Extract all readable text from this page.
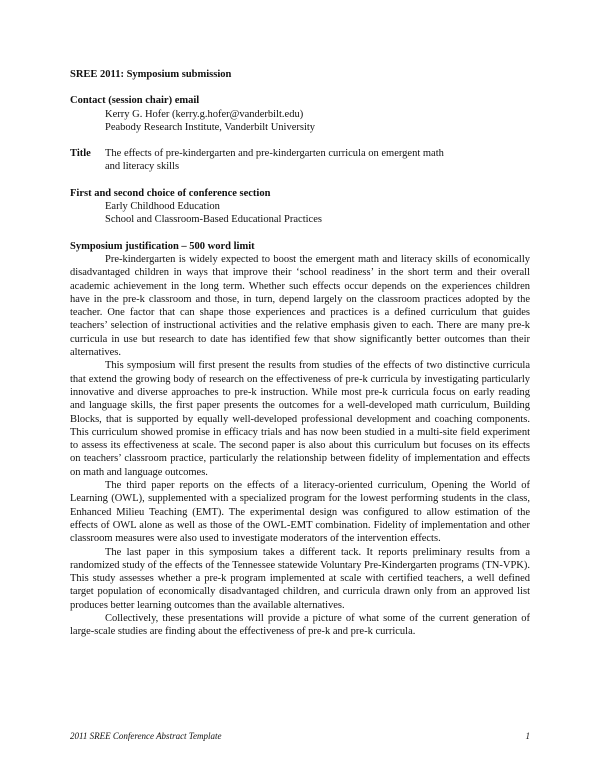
SREE 2011: Symposium submission
Contact (session chair) email
Kerry G. Hofer (kerry.g.hofer@vanderbilt.edu)
Peabody Research Institute, Vanderbilt University
Title	The effects of pre-kindergarten and pre-kindergarten curricula on emergent math
and literacy skills
First and second choice of conference section
Early Childhood Education
School and Classroom-Based Educational Practices
Symposium justification – 500 word limit

Pre-kindergarten is widely expected to boost the emergent math and literacy skills of economically disadvantaged children in ways that improve their ‘school readiness’ in the short term and their overall academic achievement in the long term. Whether such effects occur depends on the experiences children have in the pre-k classroom and those, in turn, depend largely on the classroom practices adopted by the teacher. One factor that can shape those experiences and practices is a defined curriculum that guides teachers’ selection of instructional activities and the relative emphasis given to each. There are many pre-k curricula in use but research to date has identified few that show significantly better outcomes than their alternatives.

This symposium will first present the results from studies of the effects of two distinctive curricula that extend the growing body of research on the effectiveness of pre-k curricula by investigating particularly innovative and diverse approaches to pre-k instruction. While most pre-k curricula focus on early reading and language skills, the first paper presents the outcomes for a well-developed math curriculum, Building Blocks, that is supported by equally well-developed professional development and coaching components. This curriculum showed promise in efficacy trials and has now been studied in a multi-site field experiment to assess its effectiveness at scale. The second paper is also about this curriculum but focuses on its effects on teachers’ classroom practice, particularly the relationship between fidelity of implementation and effects on math and language outcomes.

The third paper reports on the effects of a literacy-oriented curriculum, Opening the World of Learning (OWL), supplemented with a specialized program for the lowest performing students in the class, Enhanced Milieu Teaching (EMT). The experimental design was configured to allow estimation of the effects of OWL alone as well as those of the OWL-EMT combination. Fidelity of implementation and other classroom measures were also used to investigate moderators of the intervention effects.

The last paper in this symposium takes a different tack. It reports preliminary results from a randomized study of the effects of the Tennessee statewide Voluntary Pre-Kindergarten programs (TN-VPK). This study assesses whether a pre-k program implemented at scale with certified teachers, a well defined target population of economically disadvantaged children, and curricula drawn only from an approved list produces better learning outcomes than the available alternatives.

Collectively, these presentations will provide a picture of what some of the current generation of large-scale studies are finding about the effectiveness of pre-k and pre-k curricula.

2011 SREE Conference Abstract Template	1
